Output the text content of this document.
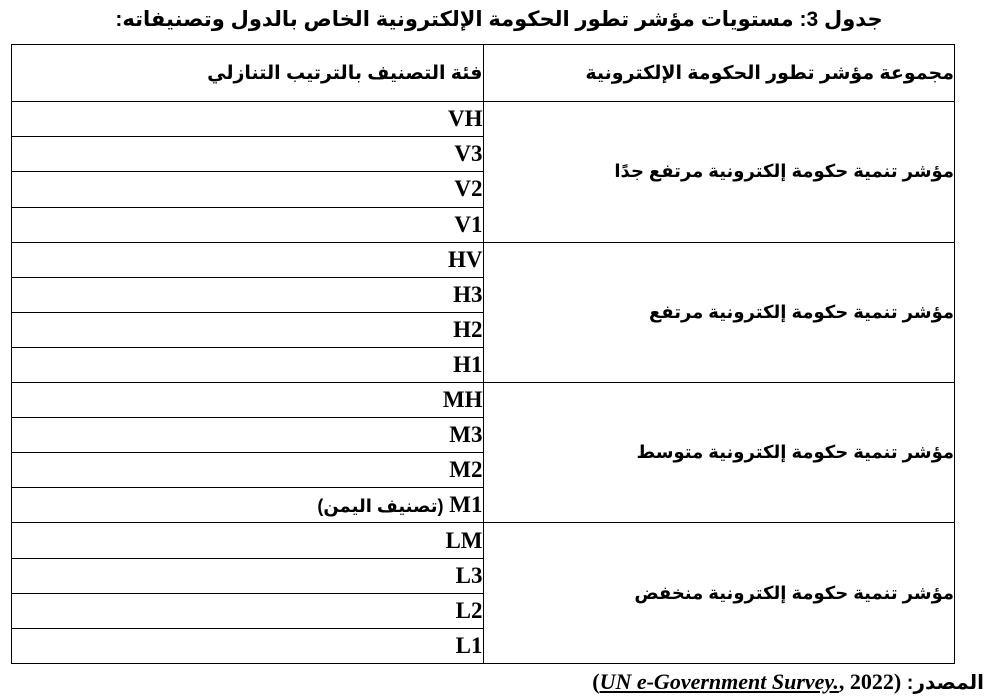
جدول 3: مستويات مؤشر تطور الحكومة الإلكترونية الخاص بالدول وتصنيفاته:
مجموعة مؤشر تطور الحكومة الإلكترونية	فئة التصنيف بالترتيب التنازلي
مؤشر تنمية حكومة إلكترونية مرتفع جدًا	VH
	V3
	V2
	V1
مؤشر تنمية حكومة إلكترونية مرتفع	HV
	H3
	H2
	H1
مؤشر تنمية حكومة إلكترونية متوسط	MH
	M3
	M2
	M1 (تصنيف اليمن)
مؤشر تنمية حكومة إلكترونية منخفض	LM
	L3
	L2
	L1
المصدر: (UN e-Government Survey., 2022)
